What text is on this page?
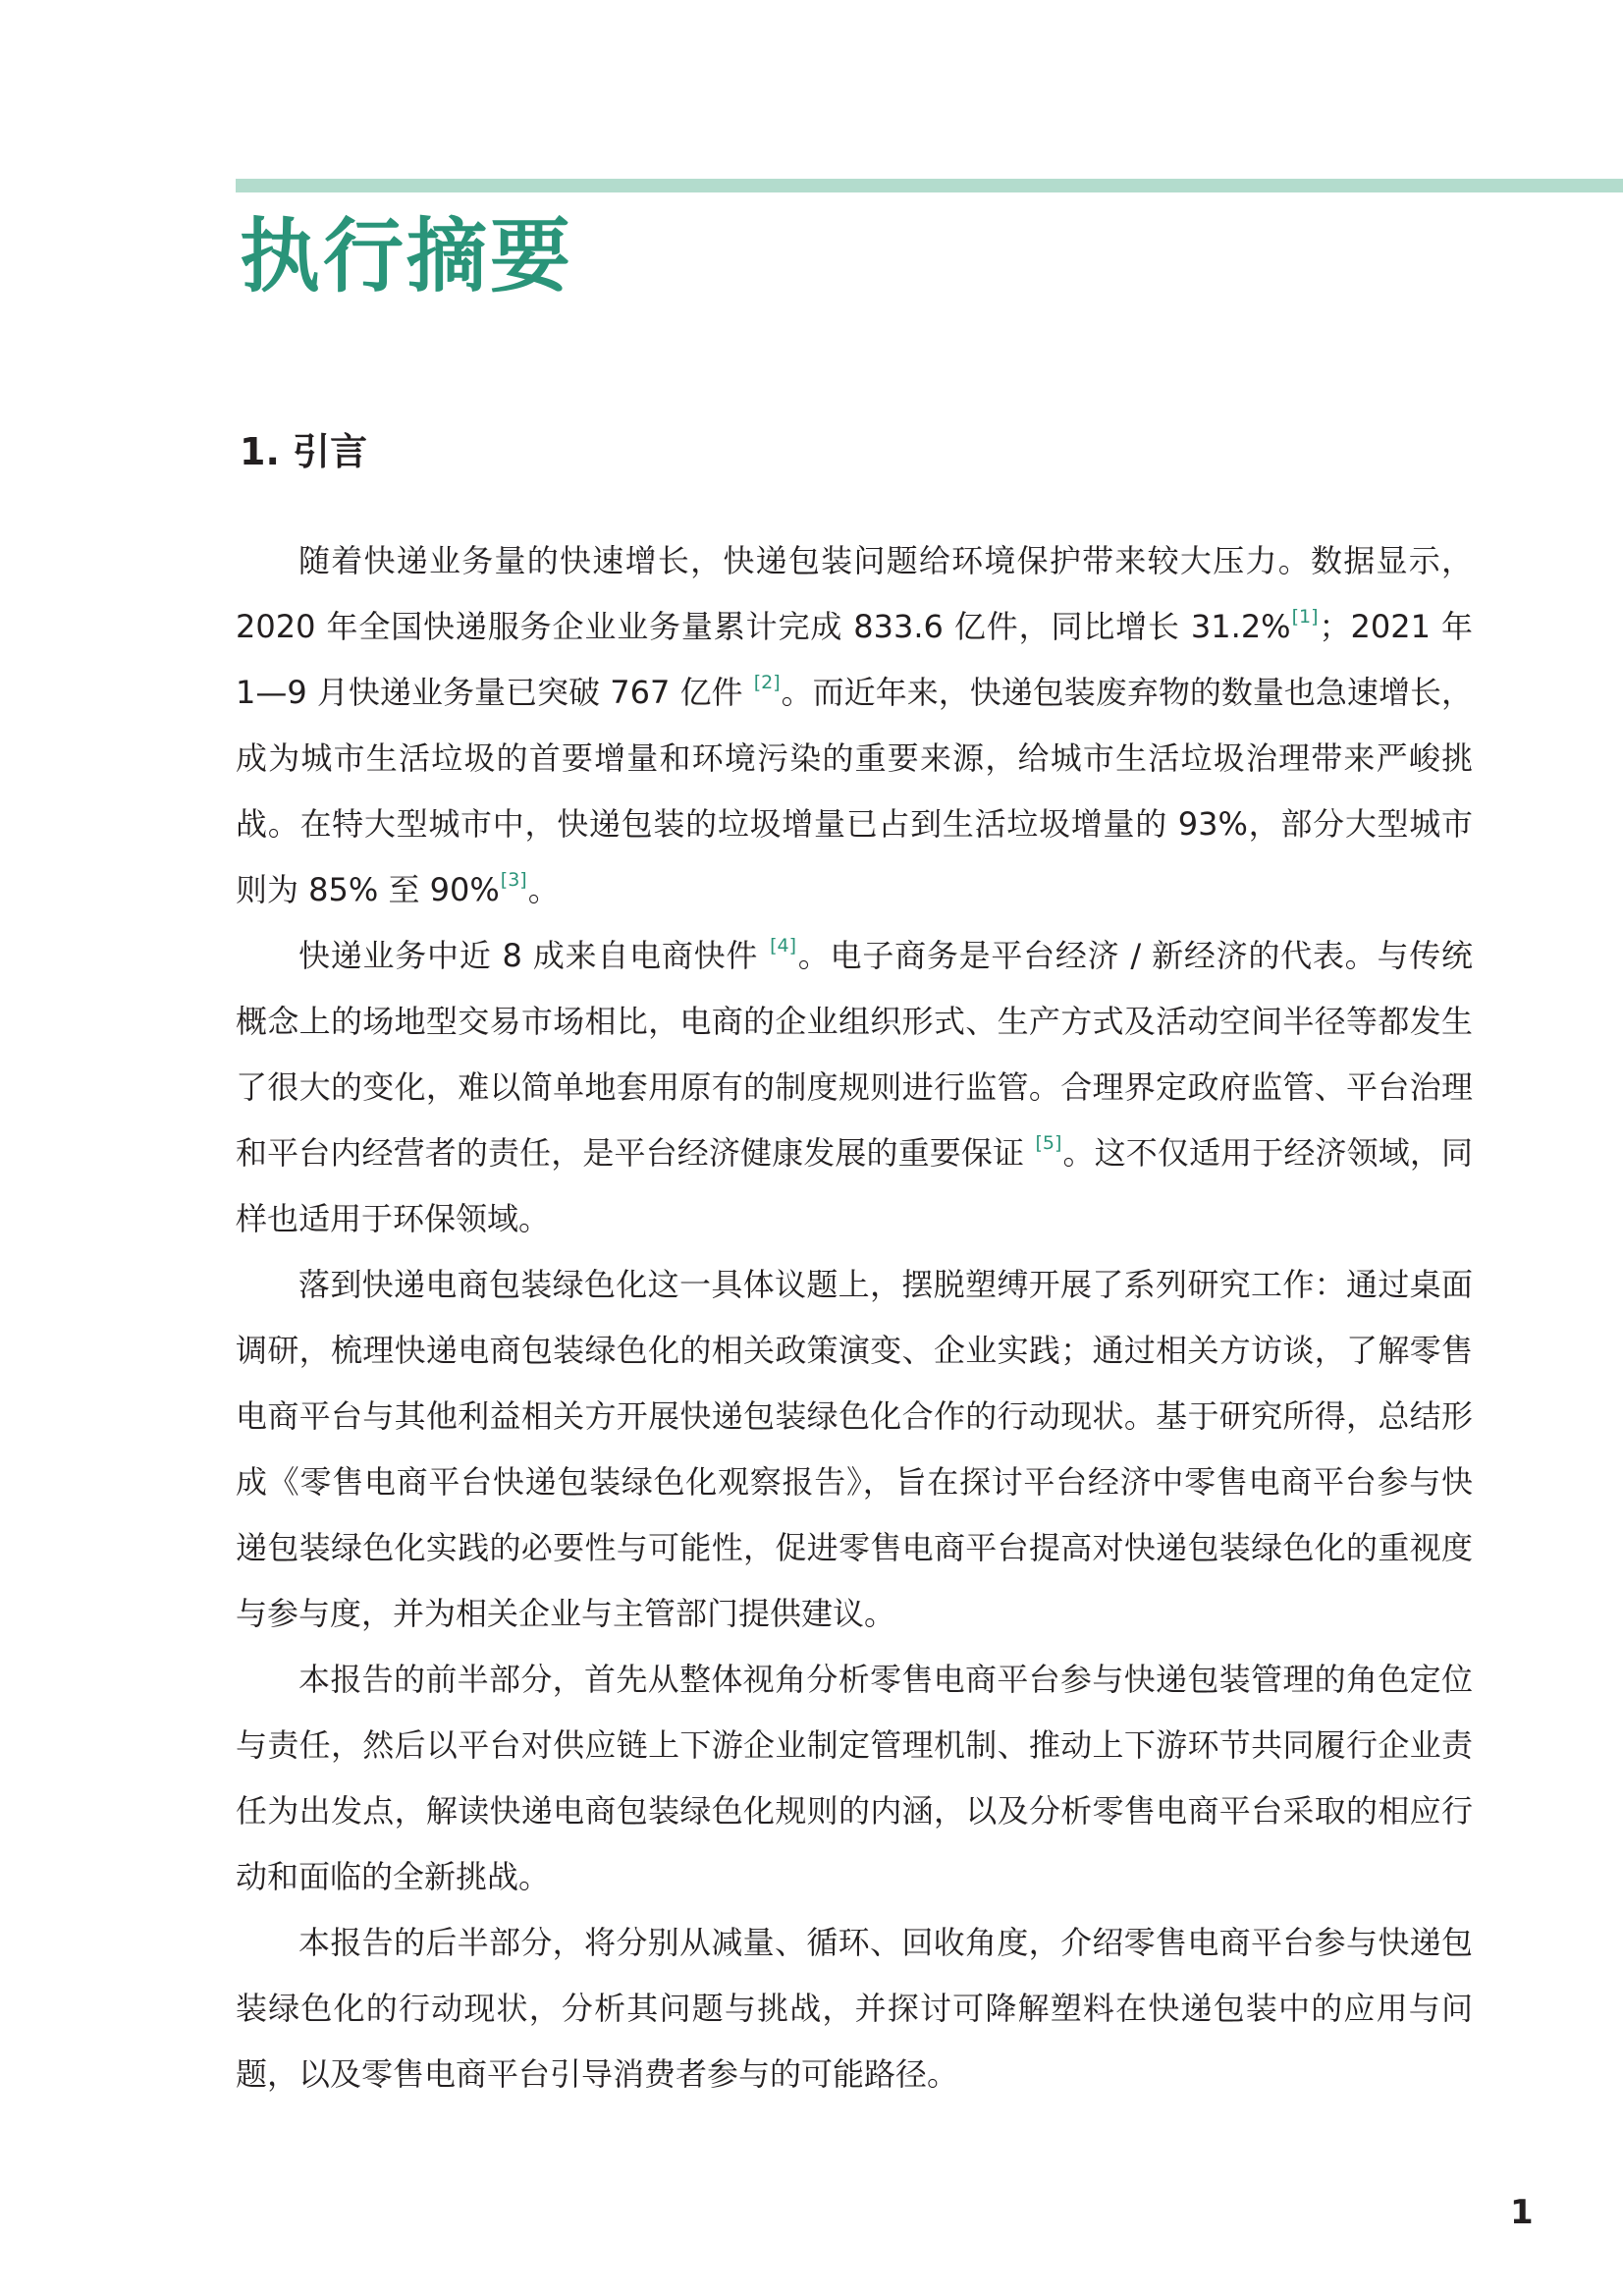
执行摘要
1. 引言

随着快递业务量的快速增长，快递包装问题给环境保护带来较大压力。数据显示，2020 年全国快递服务企业业务量累计完成 833.6 亿件，同比增长 31.2%[1]；2021 年 1—9 月快递业务量已突破 767 亿件 [2]。而近年来，快递包装废弃物的数量也急速增长，成为城市生活垃圾的首要增量和环境污染的重要来源，给城市生活垃圾治理带来严峻挑战。在特大型城市中，快递包装的垃圾增量已占到生活垃圾增量的 93%，部分大型城市则为 85% 至 90%[3]。

快递业务中近 8 成来自电商快件 [4]。电子商务是平台经济 / 新经济的代表。与传统概念上的场地型交易市场相比，电商的企业组织形式、生产方式及活动空间半径等都发生了很大的变化，难以简单地套用原有的制度规则进行监管。合理界定政府监管、平台治理和平台内经营者的责任，是平台经济健康发展的重要保证 [5]。这不仅适用于经济领域，同样也适用于环保领域。

落到快递电商包装绿色化这一具体议题上，摆脱塑缚开展了系列研究工作：通过桌面调研，梳理快递电商包装绿色化的相关政策演变、企业实践；通过相关方访谈，了解零售电商平台与其他利益相关方开展快递包装绿色化合作的行动现状。基于研究所得，总结形成《零售电商平台快递包装绿色化观察报告》，旨在探讨平台经济中零售电商平台参与快递包装绿色化实践的必要性与可能性，促进零售电商平台提高对快递包装绿色化的重视度与参与度，并为相关企业与主管部门提供建议。

本报告的前半部分，首先从整体视角分析零售电商平台参与快递包装管理的角色定位与责任，然后以平台对供应链上下游企业制定管理机制、推动上下游环节共同履行企业责任为出发点，解读快递电商包装绿色化规则的内涵，以及分析零售电商平台采取的相应行动和面临的全新挑战。

本报告的后半部分，将分别从减量、循环、回收角度，介绍零售电商平台参与快递包装绿色化的行动现状，分析其问题与挑战，并探讨可降解塑料在快递包装中的应用与问题，以及零售电商平台引导消费者参与的可能路径。

1
